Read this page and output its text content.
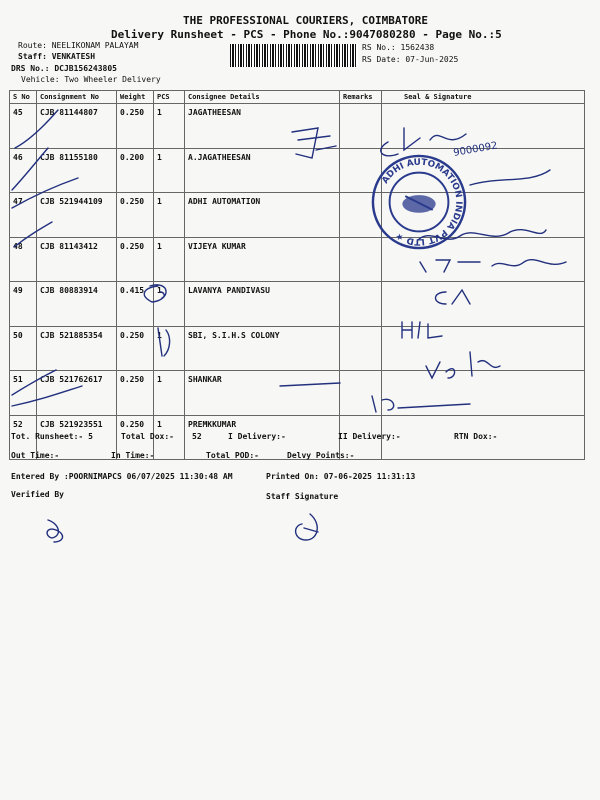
THE PROFESSIONAL COURIERS, COIMBATORE
Delivery Runsheet - PCS - Phone No.:9047080280 - Page No.:5
Route: NEELIKONAM PALAYAM
Staff: VENKATESH
DRS No.: DCJB156243805
Vehicle: Two Wheeler Delivery
RS No.: 1562438
RS Date: 07-Jun-2025
S No	Consignment No	Weight	PCS	Consignee Details	Remarks	Seal & Signature
45	CJB 81144807	0.250	1	JAGATHEESAN		
46	CJB 81155180	0.200	1	A.JAGATHEESAN		
47	CJB 521944109	0.250	1	ADHI AUTOMATION		
48	CJB 81143412	0.250	1	VIJEYA KUMAR		
49	CJB 80883914	0.415	1	LAVANYA PANDIVASU		
50	CJB 521885354	0.250	1	SBI, S.I.H.S COLONY		
51	CJB 521762617	0.250	1	SHANKAR		
52	CJB 521923551	0.250	1	PREMKKUMAR		
ADHI AUTOMATION INDIA PVT LTD ★
9000092
Tot. Runsheet:- 5	Total Dox:- 52	I Delivery:-	II Delivery:-	RTN Dox:-
Out Time:-	In Time:-	Total POD:-	Delvy Points:-
Entered By :POORNIMAPCS 06/07/2025 11:30:48 AM	Printed On: 07-06-2025 11:31:13
Verified By	Staff Signature
